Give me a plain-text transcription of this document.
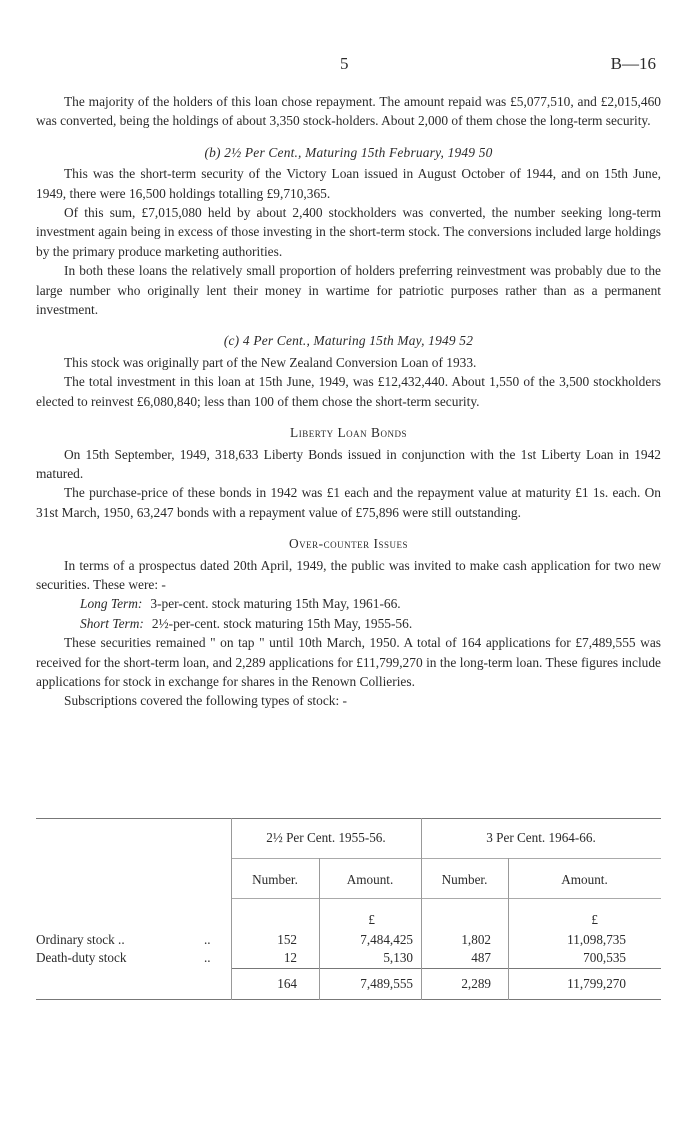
5	B—16

The majority of the holders of this loan chose repayment. The amount repaid was £5,077,510, and £2,015,460 was converted, being the holdings of about 3,350 stock-holders. About 2,000 of them chose the long-term security.

(b) 2½ Per Cent., Maturing 15th February, 1949 50

This was the short-term security of the Victory Loan issued in August October of 1944, and on 15th June, 1949, there were 16,500 holdings totalling £9,710,365.

Of this sum, £7,015,080 held by about 2,400 stockholders was converted, the number seeking long-term investment again being in excess of those investing in the short-term stock. The conversions included large holdings by the primary produce marketing authorities.

In both these loans the relatively small proportion of holders preferring reinvestment was probably due to the large number who originally lent their money in wartime for patriotic purposes rather than as a permanent investment.

(c) 4 Per Cent., Maturing 15th May, 1949 52

This stock was originally part of the New Zealand Conversion Loan of 1933.

The total investment in this loan at 15th June, 1949, was £12,432,440. About 1,550 of the 3,500 stockholders elected to reinvest £6,080,840; less than 100 of them chose the short-term security.

Liberty Loan Bonds

On 15th September, 1949, 318,633 Liberty Bonds issued in conjunction with the 1st Liberty Loan in 1942 matured.

The purchase-price of these bonds in 1942 was £1 each and the repayment value at maturity £1 1s. each. On 31st March, 1950, 63,247 bonds with a repayment value of £75,896 were still outstanding.

Over-counter Issues

In terms of a prospectus dated 20th April, 1949, the public was invited to make cash application for two new securities. These were: -

Long Term: 3-per-cent. stock maturing 15th May, 1961-66.

Short Term: 2½-per-cent. stock maturing 15th May, 1955-56.

These securities remained " on tap " until 10th March, 1950. A total of 164 applications for £7,489,555 was received for the short-term loan, and 2,289 applications for £11,799,270 in the long-term loan. These figures include applications for stock in exchange for shares in the Renown Collieries.

Subscriptions covered the following types of stock: -

2½ Per Cent. 1955-56.	3 Per Cent. 1964-66.
Number.	Amount.	Number.	Amount.
£	£
Ordinary stock ..	..	152	7,484,425	1,802	11,098,735
Death-duty stock	..	12	5,130	487	700,535
164	7,489,555	2,289	11,799,270
